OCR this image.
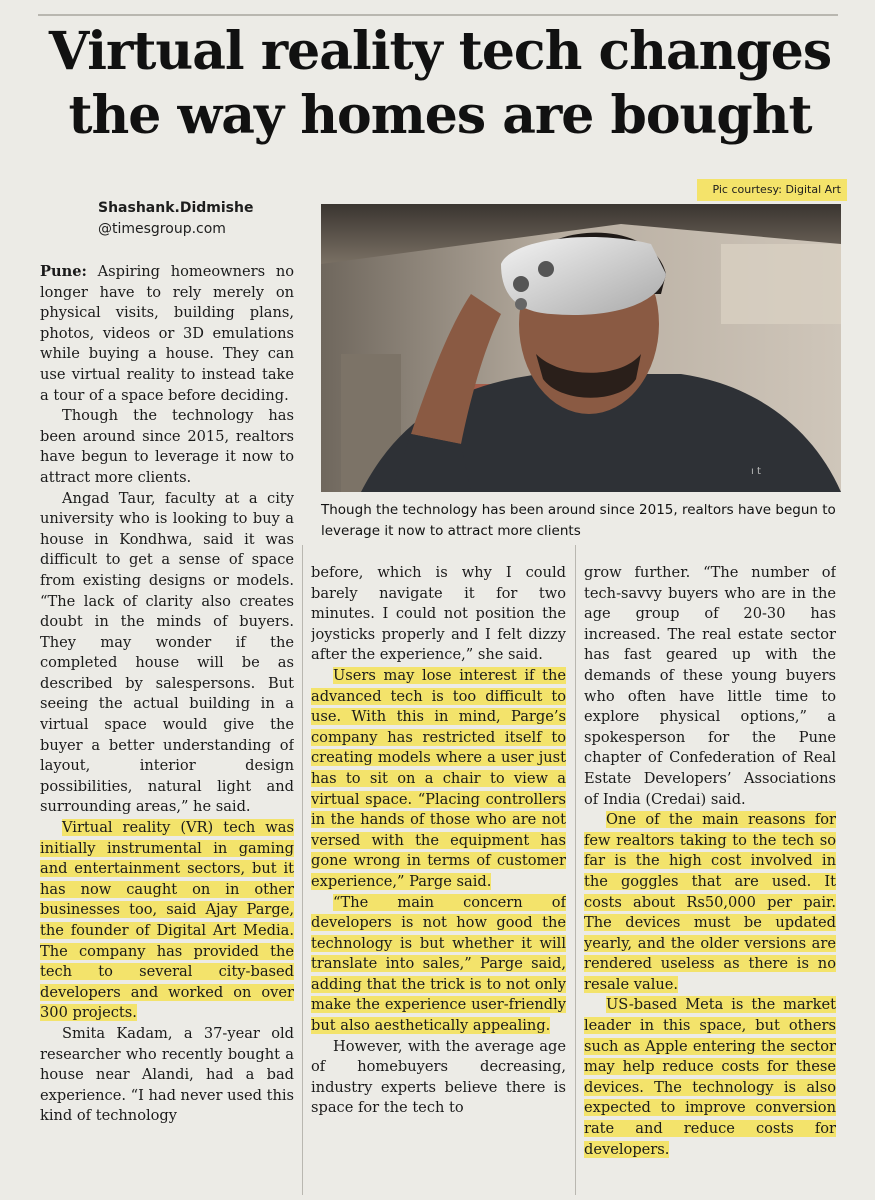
Virtual reality tech changes
the way homes are bought
Shashank.Didmishe
@timesgroup.com
Pic courtesy: Digital Art
ı t
Though the technology has been around since 2015, realtors have begun to leverage it now to attract more clients

Pune: Aspiring homeowners no longer have to rely merely on physical visits, building plans, photos, videos or 3D emulations while buying a house. They can use virtual reality to instead take a tour of a space before deciding.

Though the technology has been around since 2015, realtors have begun to leverage it now to attract more clients.

Angad Taur, faculty at a city university who is looking to buy a house in Kondhwa, said it was difficult to get a sense of space from existing designs or models. “The lack of clarity also creates doubt in the minds of buyers. They may wonder if the completed house will be as described by salespersons. But seeing the actual building in a virtual space would give the buyer a better understanding of layout, interior design possibilities, natural light and surrounding areas,” he said.

Virtual reality (VR) tech was initially instrumental in gaming and entertainment sectors, but it has now caught on in other businesses too, said Ajay Parge, the founder of Digital Art Media. The company has provided the tech to several city-based developers and worked on over 300 projects.

Smita Kadam, a 37-year old researcher who recently bought a house near Alandi, had a bad experience. “I had never used this kind of technology

before, which is why I could barely navigate it for two minutes. I could not position the joysticks properly and I felt dizzy after the experience,” she said.

Users may lose interest if the advanced tech is too difficult to use. With this in mind, Parge’s company has restricted itself to creating models where a user just has to sit on a chair to view a virtual space. “Placing controllers in the hands of those who are not versed with the equipment has gone wrong in terms of customer experience,” Parge said.

“The main concern of developers is not how good the technology is but whether it will translate into sales,” Parge said, adding that the trick is to not only make the experience user-friendly but also aesthetically appealing.

However, with the average age of homebuyers decreasing, industry experts believe there is space for the tech to

grow further. “The number of tech-savvy buyers who are in the age group of 20-30 has increased. The real estate sector has fast geared up with the demands of these young buyers who often have little time to explore physical options,” a spokesperson for the Pune chapter of Confederation of Real Estate Developers’ Associations of India (Credai) said.

One of the main reasons for few realtors taking to the tech so far is the high cost involved in the goggles that are used. It costs about Rs50,000 per pair. The devices must be updated yearly, and the older versions are rendered useless as there is no resale value.

US-based Meta is the market leader in this space, but others such as Apple entering the sector may help reduce costs for these devices. The technology is also expected to improve conversion rate and reduce costs for developers.
